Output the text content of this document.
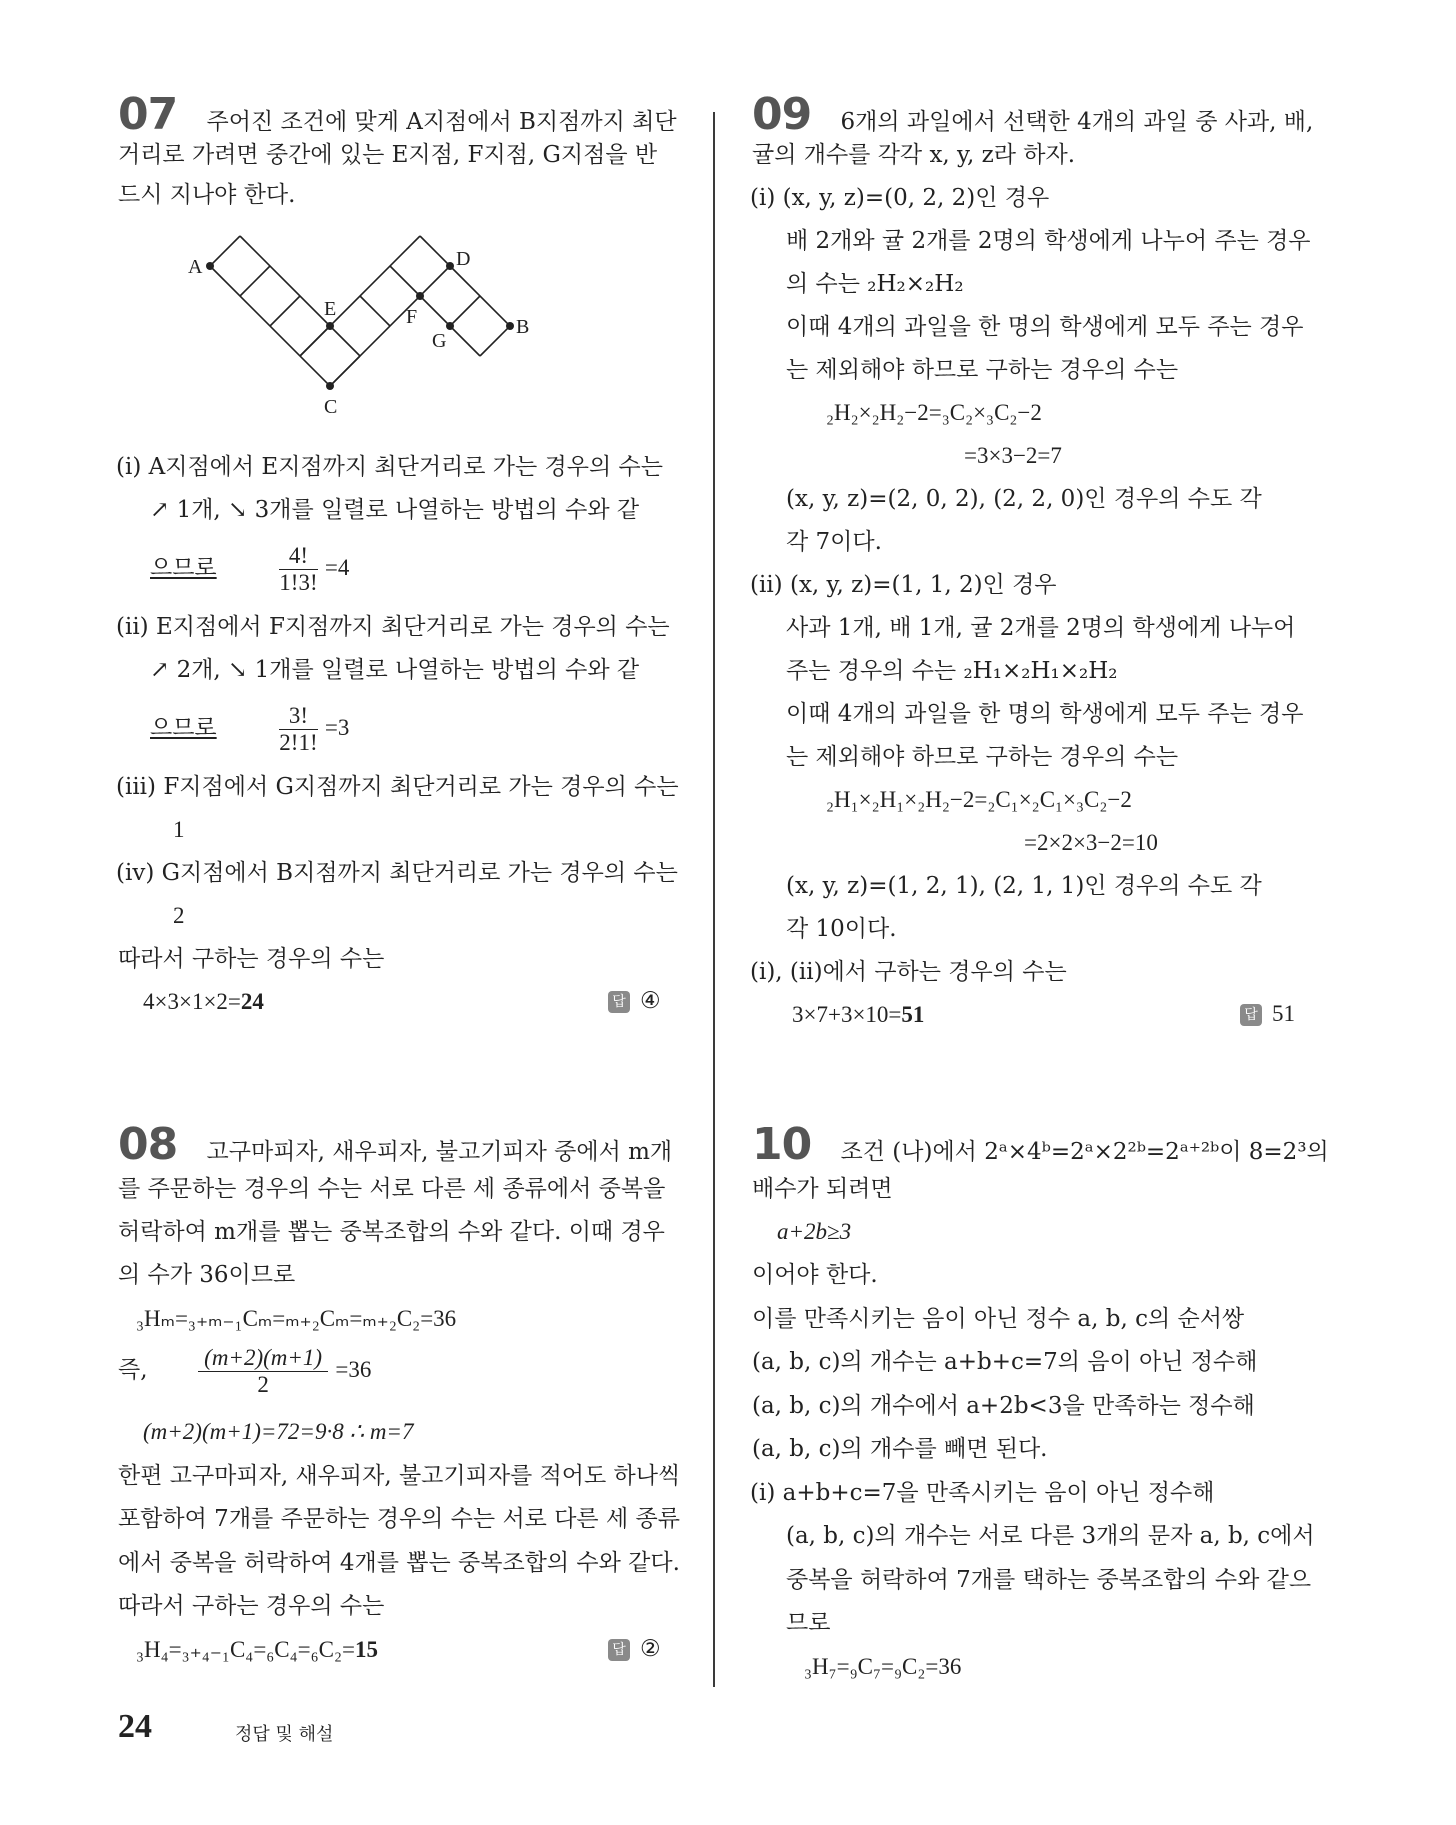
07 주어진 조건에 맞게 A지점에서 B지점까지 최단
거리로 가려면 중간에 있는 E지점, F지점, G지점을 반
드시 지나야 한다.
A
E
C
F
G
D
B
(i) A지점에서 E지점까지 최단거리로 가는 경우의 수는
↗ 1개, ↘ 3개를 일렬로 나열하는 방법의 수와 같
으므로	$\frac{4!}{1!3!} =4$
(ii) E지점에서 F지점까지 최단거리로 가는 경우의 수는
↗ 2개, ↘ 1개를 일렬로 나열하는 방법의 수와 같
으므로	$\frac{3!}{2!1!} =3$
(iii) F지점에서 G지점까지 최단거리로 가는 경우의 수는
1
(iv) G지점에서 B지점까지 최단거리로 가는 경우의 수는
2
따라서 구하는 경우의 수는
4×3×1×2=24	답 ④
08 고구마피자, 새우피자, 불고기피자 중에서 m개
를 주문하는 경우의 수는 서로 다른 세 종류에서 중복을
허락하여 m개를 뽑는 중복조합의 수와 같다. 이때 경우
의 수가 36이므로
₃Hₘ=₃₊ₘ₋₁Cₘ=ₘ₊₂Cₘ=ₘ₊₂C₂=36
즉, $\frac{(m+2)(m+1)}{2} =36$
(m+2)(m+1)=72=9·8 ∴ m=7
한편 고구마피자, 새우피자, 불고기피자를 적어도 하나씩
포함하여 7개를 주문하는 경우의 수는 서로 다른 세 종류
에서 중복을 허락하여 4개를 뽑는 중복조합의 수와 같다.
따라서 구하는 경우의 수는
₃H₄=₃₊₄₋₁C₄=₆C₄=₆C₂=15	답 ②
09 6개의 과일에서 선택한 4개의 과일 중 사과, 배,
귤의 개수를 각각 x, y, z라 하자.
(i) (x, y, z)=(0, 2, 2)인 경우
배 2개와 귤 2개를 2명의 학생에게 나누어 주는 경우
의 수는 ₂H₂×₂H₂
이때 4개의 과일을 한 명의 학생에게 모두 주는 경우
는 제외해야 하므로 구하는 경우의 수는
₂H₂×₂H₂−2=₃C₂×₃C₂−2
=3×3−2=7
(x, y, z)=(2, 0, 2), (2, 2, 0)인 경우의 수도 각
각 7이다.
(ii) (x, y, z)=(1, 1, 2)인 경우
사과 1개, 배 1개, 귤 2개를 2명의 학생에게 나누어
주는 경우의 수는 ₂H₁×₂H₁×₂H₂
이때 4개의 과일을 한 명의 학생에게 모두 주는 경우
는 제외해야 하므로 구하는 경우의 수는
₂H₁×₂H₁×₂H₂−2=₂C₁×₂C₁×₃C₂−2
=2×2×3−2=10
(x, y, z)=(1, 2, 1), (2, 1, 1)인 경우의 수도 각
각 10이다.
(i), (ii)에서 구하는 경우의 수는
3×7+3×10=51	답 51
10 조건 (나)에서 2ᵃ×4ᵇ=2ᵃ×2²ᵇ=2ᵃ⁺²ᵇ이 8=2³의
배수가 되려면
a+2b≥3
이어야 한다.
이를 만족시키는 음이 아닌 정수 a, b, c의 순서쌍
(a, b, c)의 개수는 a+b+c=7의 음이 아닌 정수해
(a, b, c)의 개수에서 a+2b<3을 만족하는 정수해
(a, b, c)의 개수를 빼면 된다.
(i) a+b+c=7을 만족시키는 음이 아닌 정수해
(a, b, c)의 개수는 서로 다른 3개의 문자 a, b, c에서
중복을 허락하여 7개를 택하는 중복조합의 수와 같으
므로
₃H₇=₉C₇=₉C₂=36
24	정답 및 해설
